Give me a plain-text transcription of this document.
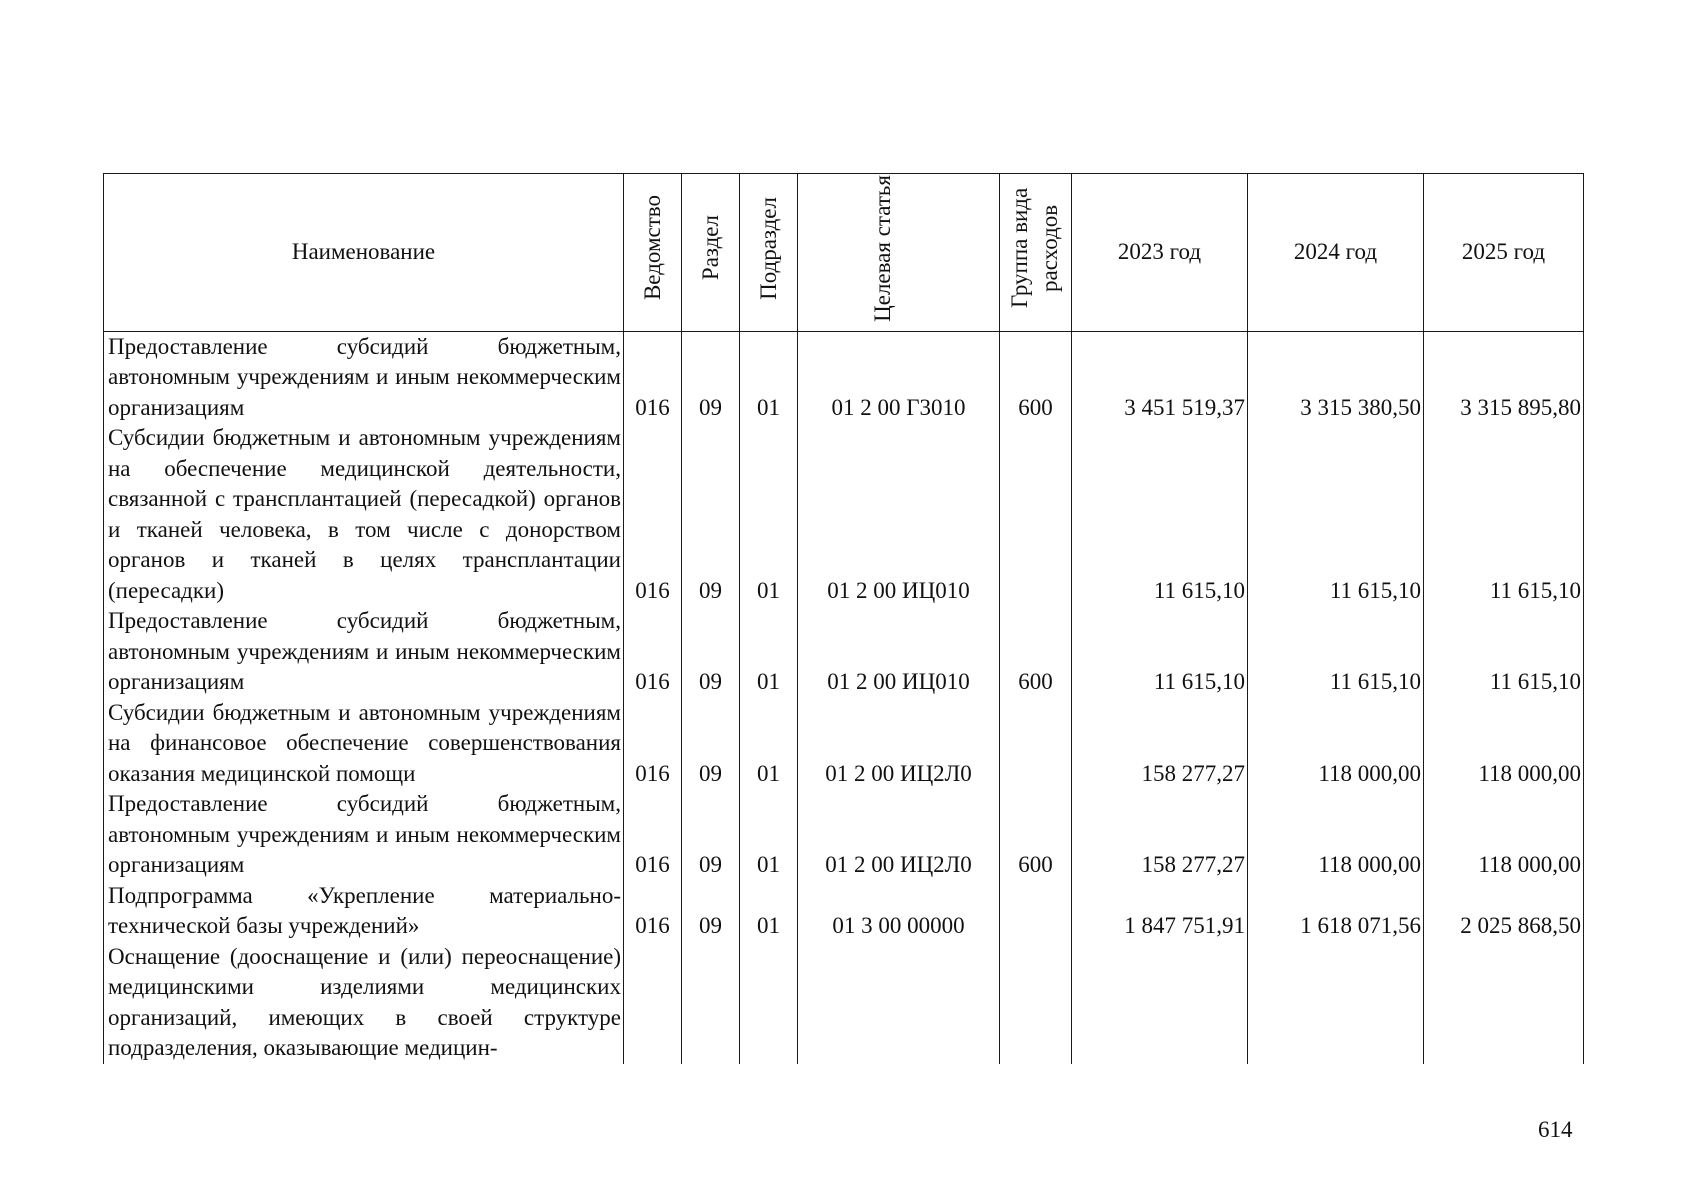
Наименование	Ведомство	Раздел	Подраздел	Целевая статья	Группа вида расходов	2023 год	2024 год	2025 год
Предоставление субсидий бюджетным, автономным учреждениям и иным некоммерческим организациям	016	09	01	01 2 00 Г3010	600	3 451 519,37	3 315 380,50	3 315 895,80
Субсидии бюджетным и автономным учреждениям на обеспечение медицинской деятельности, связанной с трансплантацией (пересадкой) органов и тканей человека, в том числе с донорством органов и тканей в целях трансплантации (пересадки)	016	09	01	01 2 00 ИЦ010		11 615,10	11 615,10	11 615,10
Предоставление субсидий бюджетным, автономным учреждениям и иным некоммерческим организациям	016	09	01	01 2 00 ИЦ010	600	11 615,10	11 615,10	11 615,10
Субсидии бюджетным и автономным учреждениям на финансовое обеспечение совершенствования оказания медицинской помощи	016	09	01	01 2 00 ИЦ2Л0		158 277,27	118 000,00	118 000,00
Предоставление субсидий бюджетным, автономным учреждениям и иным некоммерческим организациям	016	09	01	01 2 00 ИЦ2Л0	600	158 277,27	118 000,00	118 000,00
Подпрограмма «Укрепление материально-технической базы учреждений»	016	09	01	01 3 00 00000		1 847 751,91	1 618 071,56	2 025 868,50
Оснащение (дооснащение и (или) переоснащение) медицинскими изделиями медицинских организаций, имеющих в своей структуре подразделения, оказывающие медицин-								
614
